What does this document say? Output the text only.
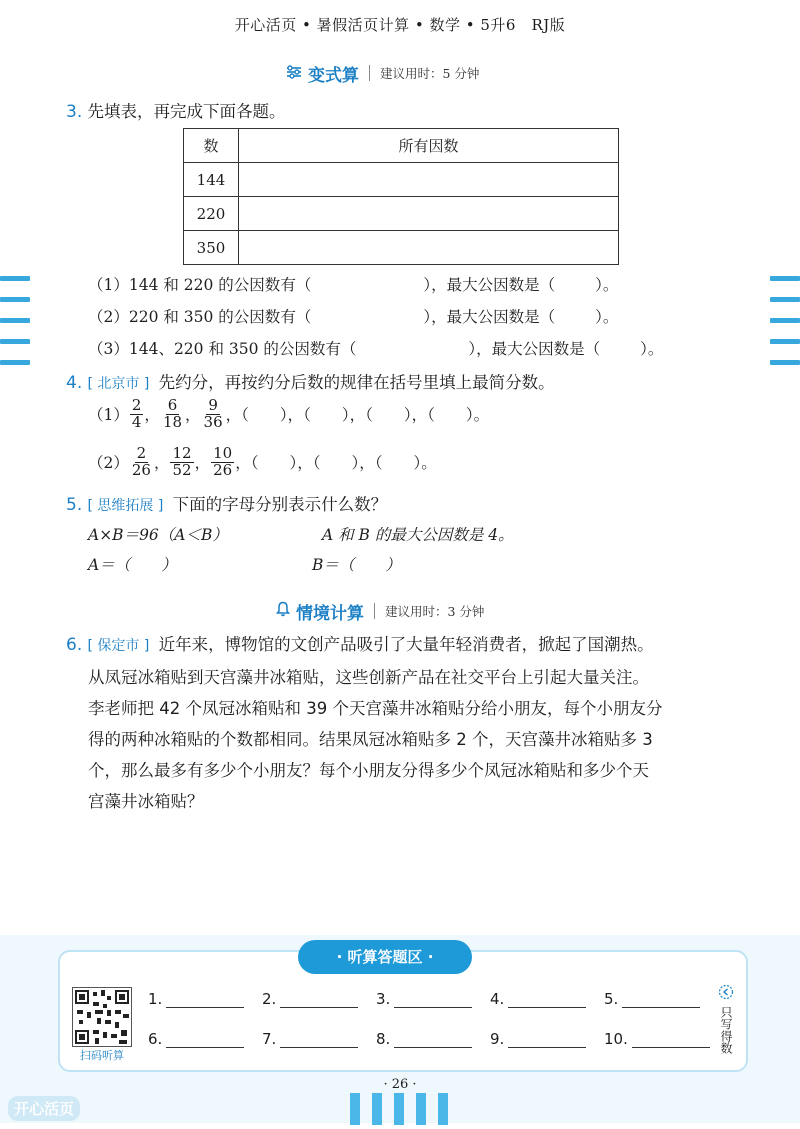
开心活页 • 暑假活页计算 • 数学 • 5升6　RJ版
变式算 建议用时：5 分钟
3. 先填表，再完成下面各题。
数	所有因数
144	
220	
350	
（1）144 和 220 的公因数有（	），最大公因数是（	）。
（2）220 和 350 的公因数有（	），最大公因数是（	）。
（3）144、220 和 350 的公因数有（	），最大公因数是（	）。
4. [ 北京市 ] 先约分，再按约分后数的规律在括号里填上最简分数。
$(1) \frac{2}{4}$ ， $\frac{6}{18}$ ， $\frac{9}{36}$ ，（　　），（　　），（　　），（　　）。
$(2) \frac{2}{26}$ ， $\frac{12}{52}$ ， $\frac{10}{26}$ ，（　　），（　　），（　　）。
5. [ 思维拓展 ] 下面的字母分别表示什么数？
A×B＝96（A＜B）	A 和 B 的最大公因数是 4。
A＝（　　）	B＝（　　）
情境计算 建议用时：3 分钟
6. [ 保定市 ] 近年来，博物馆的文创产品吸引了大量年轻消费者，掀起了国潮热。
从凤冠冰箱贴到天宫藻井冰箱贴，这些创新产品在社交平台上引起大量关注。
李老师把 42 个凤冠冰箱贴和 39 个天宫藻井冰箱贴分给小朋友，每个小朋友分
得的两种冰箱贴的个数都相同。结果凤冠冰箱贴多 2 个，天宫藻井冰箱贴多 3
个，那么最多有多少个小朋友？每个小朋友分得多少个凤冠冰箱贴和多少个天
宫藻井冰箱贴？
· 听算答题区 ·
扫码听算
1.	2.	3.	4.	5.
6.	7.	8.	9.	10.	只写得数
· 26 ·
开心活页
